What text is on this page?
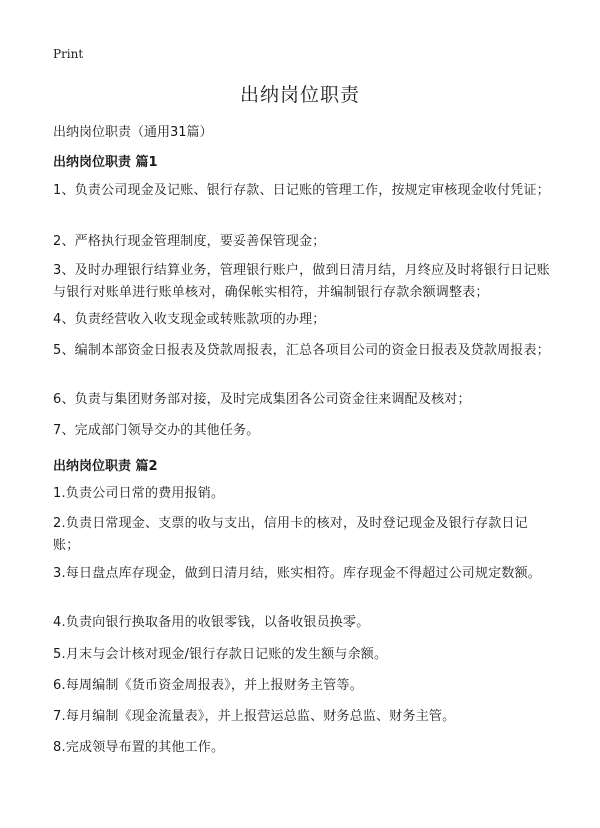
Print
出纳岗位职责
出纳岗位职责（通用31篇）
出纳岗位职责 篇1

1、负责公司现金及记账、银行存款、日记账的管理工作，按规定审核现金收付凭证；

2、严格执行现金管理制度，要妥善保管现金；

3、及时办理银行结算业务，管理银行账户，做到日清月结，月终应及时将银行日记账与银行对账单进行账单核对，确保帐实相符，并编制银行存款余额调整表；

4、负责经营收入收支现金或转账款项的办理；

5、编制本部资金日报表及贷款周报表，汇总各项目公司的资金日报表及贷款周报表；

6、负责与集团财务部对接，及时完成集团各公司资金往来调配及核对；

7、完成部门领导交办的其他任务。

出纳岗位职责 篇2

1.负责公司日常的费用报销。

2.负责日常现金、支票的收与支出，信用卡的核对，及时登记现金及银行存款日记账；

3.每日盘点库存现金，做到日清月结，账实相符。库存现金不得超过公司规定数额。

4.负责向银行换取备用的收银零钱，以备收银员换零。

5.月末与会计核对现金/银行存款日记账的发生额与余额。

6.每周编制《货币资金周报表》，并上报财务主管等。

7.每月编制《现金流量表》，并上报营运总监、财务总监、财务主管。

8.完成领导布置的其他工作。
